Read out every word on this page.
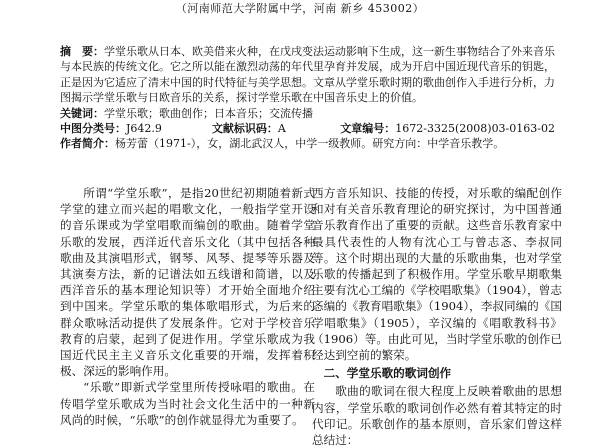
（河南师范大学附属中学，河南 新乡 453002）

摘　要：学堂乐歌从日本、欧美借来火种，在戊戌变法运动影响下生成，这一新生事物结合了外来音乐与本民族的传统文化。它之所以能在激烈动荡的年代里孕育并发展，成为开启中国近现代音乐的钥匙，正是因为它适应了清末中国的时代特征与美学思想。文章从学堂乐歌时期的歌曲创作入手进行分析，力图揭示学堂乐歌与日欧音乐的关系，探讨学堂乐歌在中国音乐史上的价值。

关键词：学堂乐歌；歌曲创作；日本音乐；交流传播

中图分类号： J642.9	文献标识码： A	文章编号： 1672-3325(2008)03-0163-02

作者简介：杨芳蕾（1971-），女，湖北武汉人，中学一级教师。研究方向：中学音乐教学。

所谓“学堂乐歌”，是指20世纪初期随着新式学堂的建立而兴起的唱歌文化，一般指学堂开设的音乐课或为学堂唱歌而编创的歌曲。随着学堂乐歌的发展，西洋近代音乐文化（其中包括各种歌曲及其演唱形式，钢琴、风琴、提琴等乐器及其演奏方法，新的记谱法如五线谱和简谱，以及西洋音乐的基本理论知识等）才开始全面地介绍到中国来。学堂乐歌的集体歌唱形式，为后来的群众歌咏活动提供了发展条件。它对于学校音乐教育的启蒙，起到了促进作用。学堂乐歌成为我国近代民主主义音乐文化重要的开端，发挥着积极、深远的影响作用。

“乐歌”即新式学堂里所传授咏唱的歌曲。在传唱学堂乐歌成为当时社会文化生活中的一种新风尚的时候，“乐歌”的创作就显得尤为重要了。

西方音乐知识、技能的传授，对乐歌的编配创作和对有关音乐教育理论的研究探讨，为中国普通音乐教育作出了重要的贡献。这些音乐教育家中最具代表性的人物有沈心工与曾志忞、李叔同等。这个时期出现的大量的乐歌曲集，也对学堂乐歌的传播起到了积极作用。学堂乐歌早期歌集主要有沈心工编的《学校唱歌集》（1904），曾志忞编的《教育唱歌集》（1904），李叔同编的《国学唱歌集》（1905），辛汉编的《唱歌教科书》（1906）等。由此可见，当时学堂乐歌的创作已经达到空前的繁荣。

二、学堂乐歌的歌词创作

歌曲的歌词在很大程度上反映着歌曲的思想内容，学堂乐歌的歌词创作必然有着其特定的时代印记。乐歌创作的基本原则，音乐家们曾这样总结过：
